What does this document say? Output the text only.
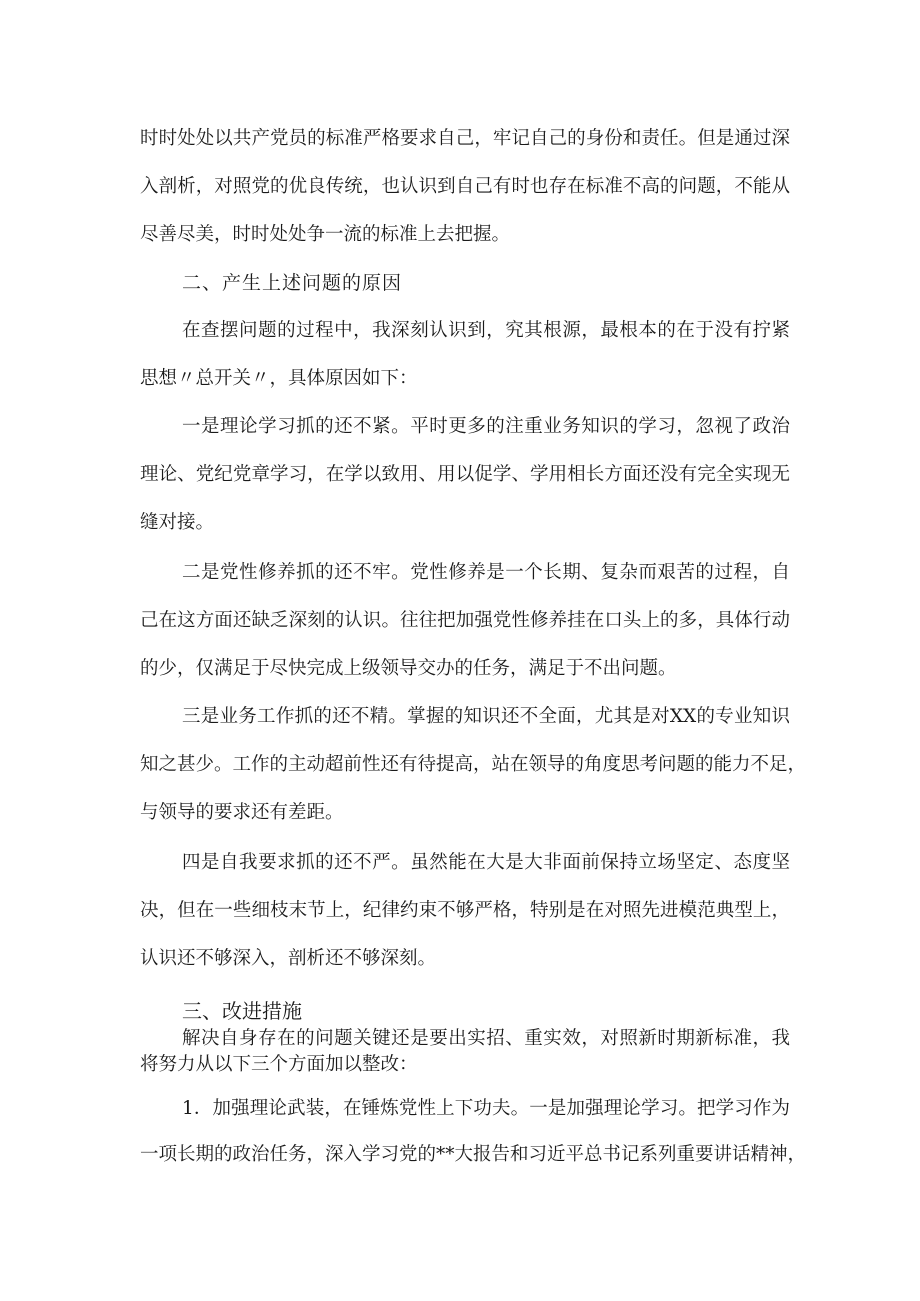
时时处处以共产党员的标准严格要求自己，牢记自己的身份和责任。但是通过深

入剖析，对照党的优良传统，也认识到自己有时也存在标准不高的问题，不能从

尽善尽美，时时处处争一流的标准上去把握。

二、产生上述问题的原因

在查摆问题的过程中，我深刻认识到，究其根源，最根本的在于没有拧紧

思想〃总开关〃，具体原因如下：

一是理论学习抓的还不紧。平时更多的注重业务知识的学习，忽视了政治

理论、党纪党章学习，在学以致用、用以促学、学用相长方面还没有完全实现无

缝对接。

二是党性修养抓的还不牢。党性修养是一个长期、复杂而艰苦的过程，自

己在这方面还缺乏深刻的认识。往往把加强党性修养挂在口头上的多，具体行动

的少，仅满足于尽快完成上级领导交办的任务，满足于不出问题。

三是业务工作抓的还不精。掌握的知识还不全面，尤其是对XX的专业知识

知之甚少。工作的主动超前性还有待提高，站在领导的角度思考问题的能力不足，

与领导的要求还有差距。

四是自我要求抓的还不严。虽然能在大是大非面前保持立场坚定、态度坚

决，但在一些细枝末节上，纪律约束不够严格，特别是在对照先进模范典型上，

认识还不够深入，剖析还不够深刻。

三、改进措施

解决自身存在的问题关键还是要出实招、重实效，对照新时期新标准，我

将努力从以下三个方面加以整改：

1．加强理论武装，在锤炼党性上下功夫。一是加强理论学习。把学习作为

一项长期的政治任务，深入学习党的**大报告和习近平总书记系列重要讲话精神，
